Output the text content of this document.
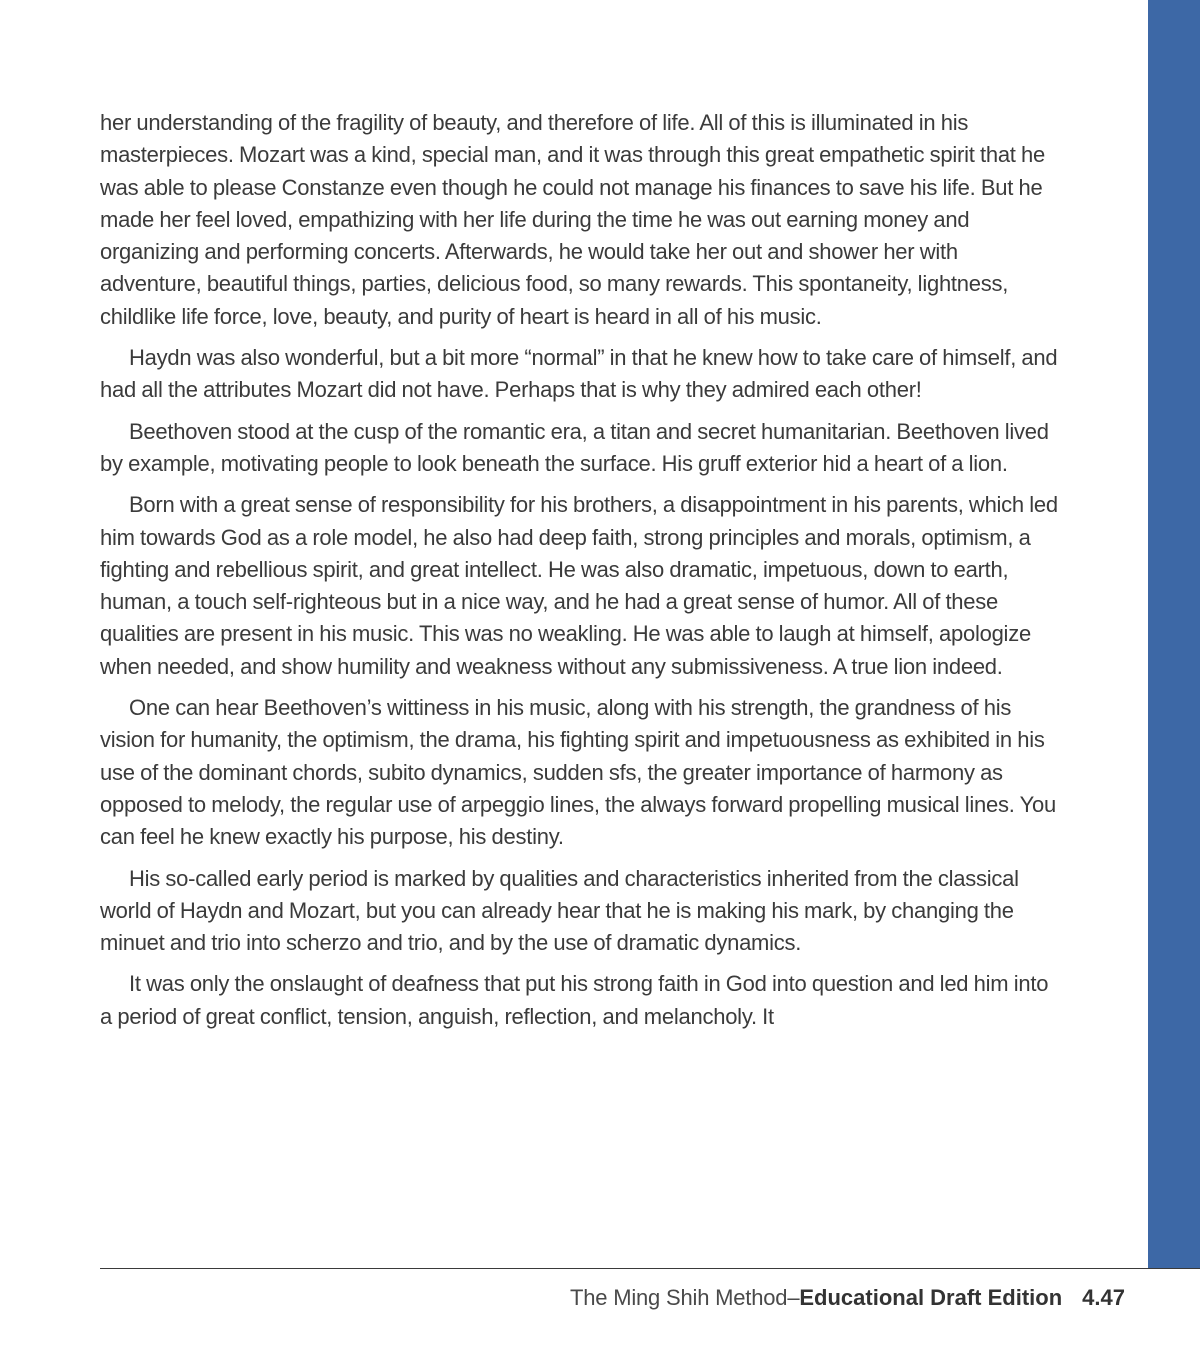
her understanding of the fragility of beauty, and therefore of life. All of this is illuminated in his masterpieces. Mozart was a kind, special man, and it was through this great empathetic spirit that he was able to please Constanze even though he could not manage his finances to save his life. But he made her feel loved, empathizing with her life during the time he was out earning money and organizing and performing concerts. Afterwards, he would take her out and shower her with adventure, beautiful things, parties, delicious food, so many rewards. This spontaneity, lightness, childlike life force, love, beauty, and purity of heart is heard in all of his music.

Haydn was also wonderful, but a bit more “normal” in that he knew how to take care of himself, and had all the attributes Mozart did not have. Perhaps that is why they admired each other!

Beethoven stood at the cusp of the romantic era, a titan and secret humanitarian. Beethoven lived by example, motivating people to look beneath the surface. His gruff exterior hid a heart of a lion.

Born with a great sense of responsibility for his brothers, a disappointment in his parents, which led him towards God as a role model, he also had deep faith, strong principles and morals, optimism, a fighting and rebellious spirit, and great intellect. He was also dramatic, impetuous, down to earth, human, a touch self-righteous but in a nice way, and he had a great sense of humor. All of these qualities are present in his music. This was no weakling. He was able to laugh at himself, apologize when needed, and show humility and weakness without any submissiveness. A true lion indeed.

One can hear Beethoven’s wittiness in his music, along with his strength, the grandness of his vision for humanity, the optimism, the drama, his fighting spirit and impetuousness as exhibited in his use of the dominant chords, subito dynamics, sudden sfs, the greater importance of harmony as opposed to melody, the regular use of arpeggio lines, the always forward propelling musical lines. You can feel he knew exactly his purpose, his destiny.

His so-called early period is marked by qualities and characteristics inherited from the classical world of Haydn and Mozart, but you can already hear that he is making his mark, by changing the minuet and trio into scherzo and trio, and by the use of dramatic dynamics.

It was only the onslaught of deafness that put his strong faith in God into question and led him into a period of great conflict, tension, anguish, reflection, and melancholy. It

The Ming Shih Method–Educational Draft Edition 4.47
